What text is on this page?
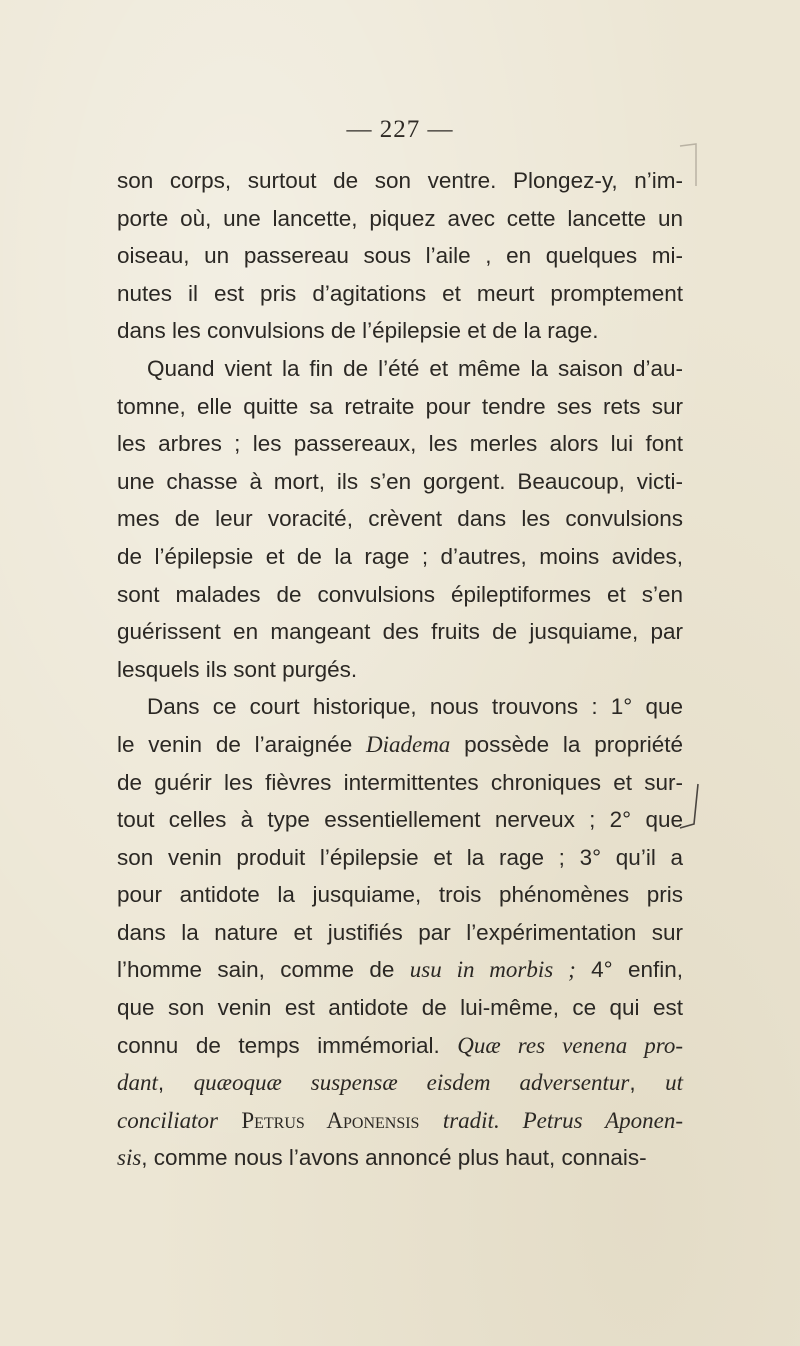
— 227 —
son corps, surtout de son ventre. Plongez-y, n’im-
porte où, une lancette, piquez avec cette lancette un
oiseau, un passereau sous l’aile , en quelques mi-
nutes il est pris d’agitations et meurt promptement
dans les convulsions de l’épilepsie et de la rage.
Quand vient la fin de l’été et même la saison d’au-
tomne, elle quitte sa retraite pour tendre ses rets sur
les arbres ; les passereaux, les merles alors lui font
une chasse à mort, ils s’en gorgent. Beaucoup, victi-
mes de leur voracité, crèvent dans les convulsions
de l’épilepsie et de la rage ; d’autres, moins avides,
sont malades de convulsions épileptiformes et s’en
guérissent en mangeant des fruits de jusquiame, par
lesquels ils sont purgés.
Dans ce court historique, nous trouvons : 1° que
le venin de l’araignée Diadema possède la propriété
de guérir les fièvres intermittentes chroniques et sur-
tout celles à type essentiellement nerveux ; 2° que
son venin produit l’épilepsie et la rage ; 3° qu’il a
pour antidote la jusquiame, trois phénomènes pris
dans la nature et justifiés par l’expérimentation sur
l’homme sain, comme de usu in morbis ; 4° enfin,
que son venin est antidote de lui-même, ce qui est
connu de temps immémorial. Quæ res venena pro-
dant, quæoquæ suspensæ eisdem adversentur, ut
conciliator Petrus Aponensis tradit. Petrus Aponen-
sis, comme nous l’avons annoncé plus haut, connais-
